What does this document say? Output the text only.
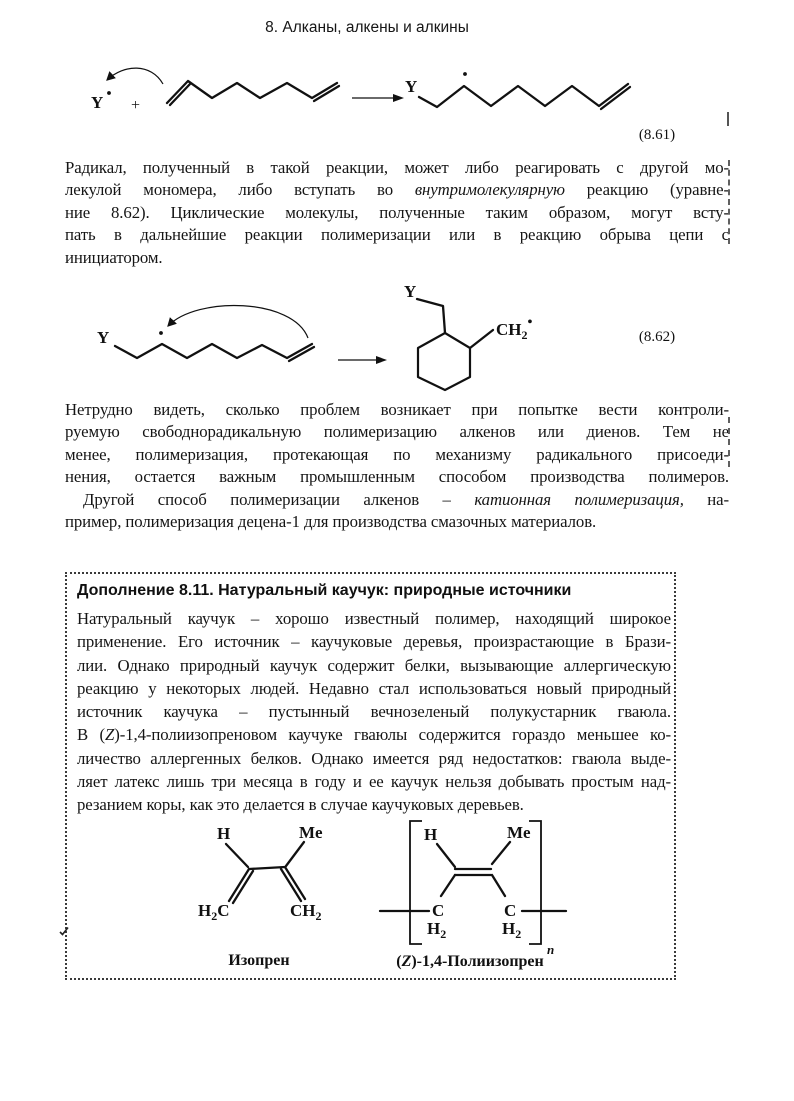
8. Алканы, алкены и алкины
Y +
Y
(8.61)
Радикал, полученный в такой реакции, может либо реагировать с другой мо-
лекулой мономера, либо вступать во внутримолекулярную реакцию (уравне-
ние 8.62). Циклические молекулы, полученные таким образом, могут всту-
пать в дальнейшие реакции полимеризации или в реакцию обрыва цепи с
инициатором.
Y
Y
$CH_2^•$
(8.62)
Нетрудно видеть, сколько проблем возникает при попытке вести контроли-
руемую свободнорадикальную полимеризацию алкенов или диенов. Тем не
менее, полимеризация, протекающая по механизму радикального присоеди-
нения, остается важным промышленным способом производства полимеров.
Другой способ полимеризации алкенов – катионная полимеризация, на-
пример, полимеризация децена-1 для производства смазочных материалов.
Дополнение 8.11. Натуральный каучук: природные источники
Натуральный каучук – хорошо известный полимер, находящий широкое
применение. Его источник – каучуковые деревья, произрастающие в Брази-
лии. Однако природный каучук содержит белки, вызывающие аллергическую
реакцию у некоторых людей. Недавно стал использоваться новый природный
источник каучука – пустынный вечнозеленый полукустарник гваюла.
В (Z)-1,4-полиизопреновом каучуке гваюлы содержится гораздо меньшее ко-
личество аллергенных белков. Однако имеется ряд недостатков: гваюла выде-
ляет латекс лишь три месяца в году и ее каучук нельзя добывать простым над-
резанием коры, как это делается в случае каучуковых деревьев.
H	Me
$H_2C$	$CH_2$
H	Me
C
$H_2$
C
$H_2$
n
Изопрен	(Z)-1,4-Полиизопрен
